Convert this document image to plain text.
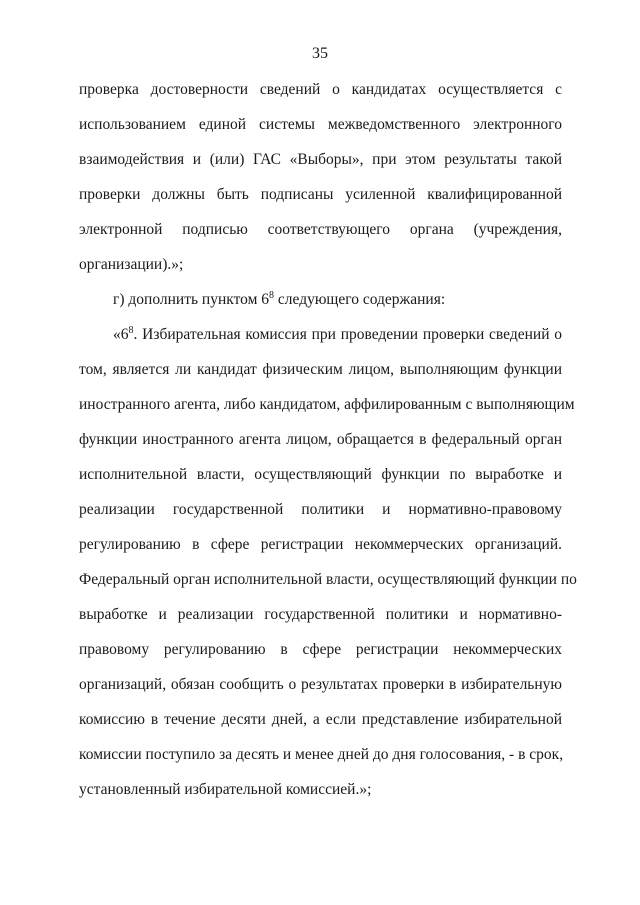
35
проверка достоверности сведений о кандидатах осуществляется с
использованием единой системы межведомственного электронного
взаимодействия и (или) ГАС «Выборы», при этом результаты такой
проверки должны быть подписаны усиленной квалифицированной
электронной подписью соответствующего органа (учреждения,
организации).»;
г) дополнить пунктом $6^8$ следующего содержания:
«$6^8$. Избирательная комиссия при проведении проверки сведений о
том, является ли кандидат физическим лицом, выполняющим функции
иностранного агента, либо кандидатом, аффилированным с выполняющим
функции иностранного агента лицом, обращается в федеральный орган
исполнительной власти, осуществляющий функции по выработке и
реализации государственной политики и нормативно-правовому
регулированию в сфере регистрации некоммерческих организаций.
Федеральный орган исполнительной власти, осуществляющий функции по
выработке и реализации государственной политики и нормативно-
правовому регулированию в сфере регистрации некоммерческих
организаций, обязан сообщить о результатах проверки в избирательную
комиссию в течение десяти дней, а если представление избирательной
комиссии поступило за десять и менее дней до дня голосования, - в срок,
установленный избирательной комиссией.»;
